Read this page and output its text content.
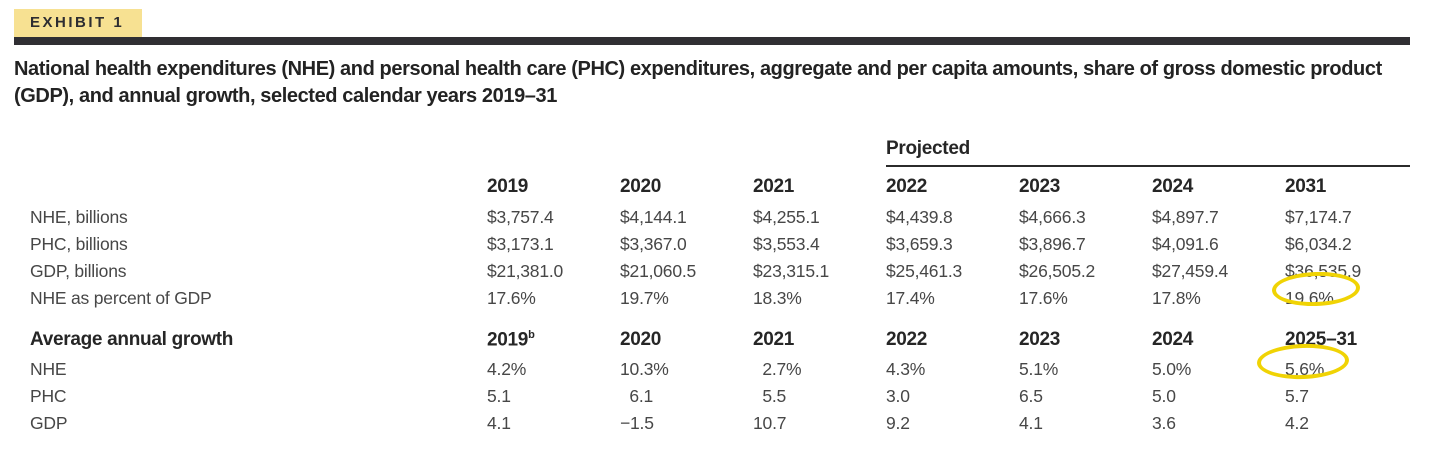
EXHIBIT 1
National health expenditures (NHE) and personal health care (PHC) expenditures, aggregate and per capita amounts, share of gross domestic product
(GDP), and annual growth, selected calendar years 2019–31
				Projected			
	2019	2020	2021	2022	2023	2024	2031
NHE, billions	$3,757.4	$4,144.1	$4,255.1	$4,439.8	$4,666.3	$4,897.7	$7,174.7
PHC, billions	$3,173.1	$3,367.0	$3,553.4	$3,659.3	$3,896.7	$4,091.6	$6,034.2
GDP, billions	$21,381.0	$21,060.5	$23,315.1	$25,461.3	$26,505.2	$27,459.4	$36,535.9
NHE as percent of GDP	17.6%	19.7%	18.3%	17.4%	17.6%	17.8%	19.6%

Average annual growth	2019$^b$	2020	2021	2022	2023	2024	2025–31
NHE	4.2%	10.3%	2.7%	4.3%	5.1%	5.0%	5.6%
PHC	5.1	6.1	5.5	3.0	6.5	5.0	5.7
GDP	4.1	−1.5	10.7	9.2	4.1	3.6	4.2
